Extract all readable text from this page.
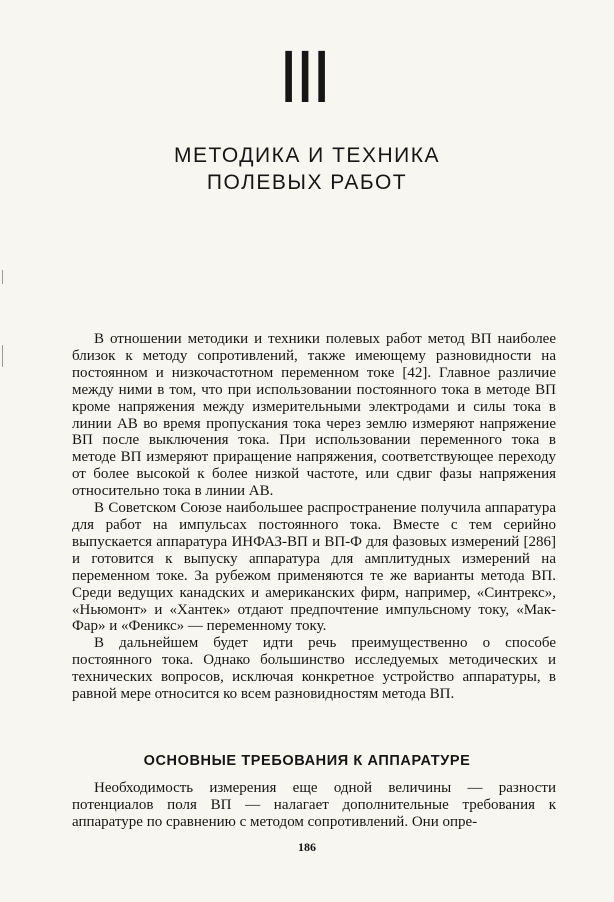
III
МЕТОДИКА И ТЕХНИКА
ПОЛЕВЫХ РАБОТ

В отношении методики и техники полевых работ метод ВП наиболее близок к методу сопротивлений, также имеющему разновидности на постоянном и низкочастотном переменном токе [42]. Главное различие между ними в том, что при использовании постоянного тока в методе ВП кроме напряжения между измерительными электродами и силы тока в линии AB во время пропускания тока через землю измеряют напряжение ВП после выключения тока. При использовании переменного тока в методе ВП измеряют приращение напряжения, соответствующее переходу от более высокой к более низкой частоте, или сдвиг фазы напряжения относительно тока в линии AB.

В Советском Союзе наибольшее распространение получила аппаратура для работ на импульсах постоянного тока. Вместе с тем серийно выпускается аппаратура ИНФАЗ-ВП и ВП-Ф для фазовых измерений [286] и готовится к выпуску аппаратура для амплитудных измерений на переменном токе. За рубежом применяются те же варианты метода ВП. Среди ведущих канадских и американских фирм, например, «Синтрекс», «Ньюмонт» и «Хантек» отдают предпочтение импульсному току, «Мак-Фар» и «Феникс» — переменному току.

В дальнейшем будет идти речь преимущественно о способе постоянного тока. Однако большинство исследуемых методических и технических вопросов, исключая конкретное устройство аппаратуры, в равной мере относится ко всем разновидностям метода ВП.

ОСНОВНЫЕ ТРЕБОВАНИЯ К АППАРАТУРЕ

Необходимость измерения еще одной величины — разности потенциалов поля ВП — налагает дополнительные требования к аппаратуре по сравнению с методом сопротивлений. Они опре-

186
